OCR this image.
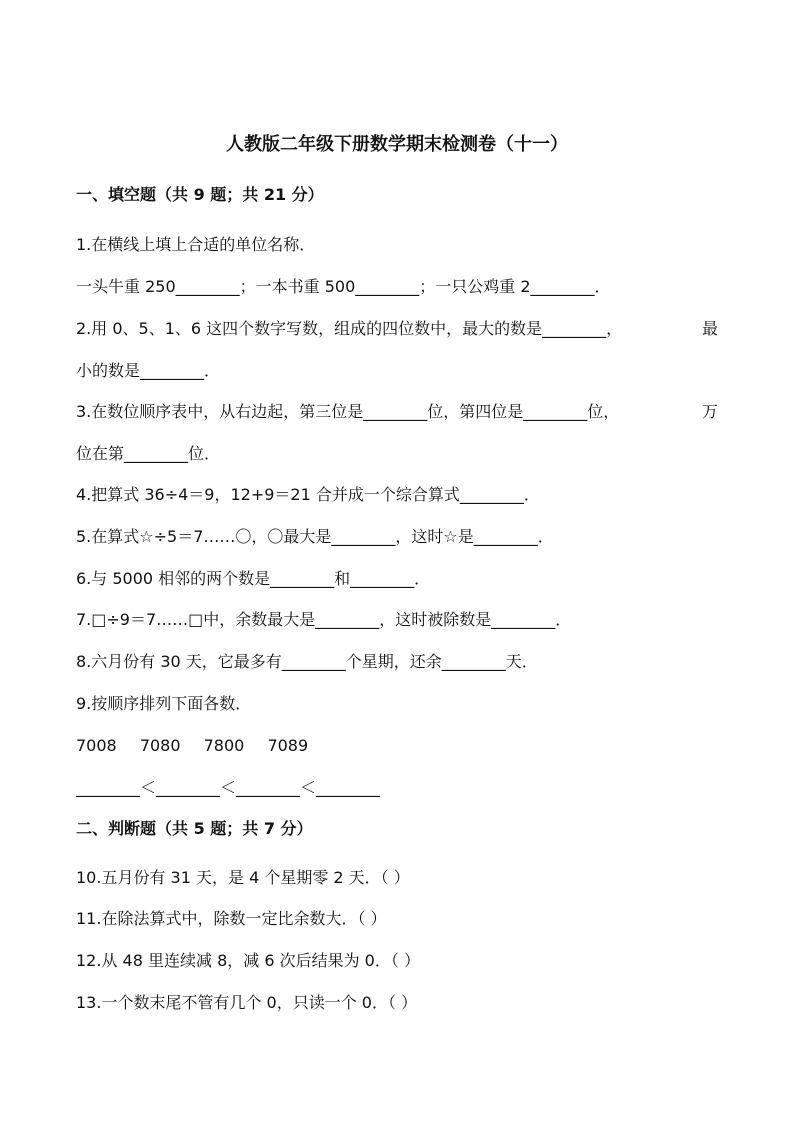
人教版二年级下册数学期末检测卷（十一）
一、填空题（共 9 题；共 21 分）
1.在横线上填上合适的单位名称．
一头牛重 250________；一本书重 500________；一只公鸡重 2________．
2.用 0、5、1、6 这四个数字写数，组成的四位数中，最大的数是________，	最
小的数是________．
3.在数位顺序表中，从右边起，第三位是________位，第四位是________位，	万
位在第________位．
4.把算式 36÷4＝9，12+9＝21 合并成一个综合算式________．
5.在算式☆÷5＝7……〇，〇最大是________，这时☆是________．
6.与 5000 相邻的两个数是________和________．
7.□÷9＝7……□中，余数最大是________，这时被除数是________．
8.六月份有 30 天，它最多有________个星期，还余________天．
9.按顺序排列下面各数．
7008 7080 7800 7089
________＜________＜________＜________
二、判断题（共 5 题；共 7 分）
10.五月份有 31 天，是 4 个星期零 2 天．（ ）
11.在除法算式中，除数一定比余数大．（ ）
12.从 48 里连续减 8，减 6 次后结果为 0．（ ）
13.一个数末尾不管有几个 0，只读一个 0．（ ）
